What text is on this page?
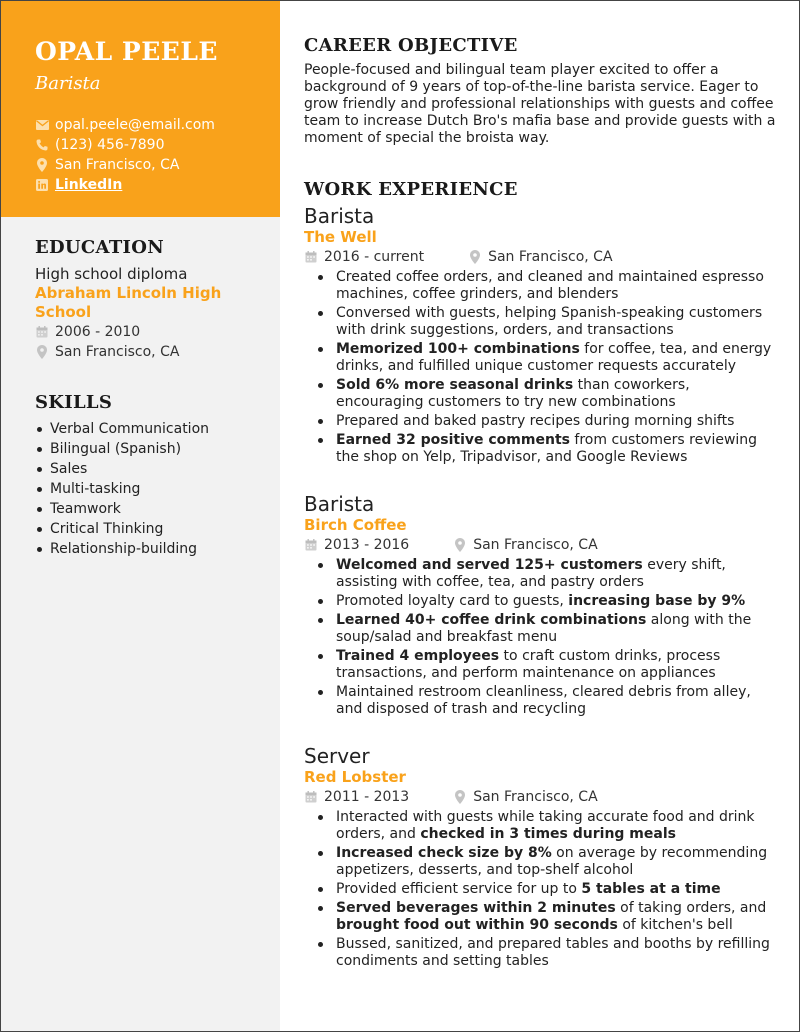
OPAL PEELE
Barista
opal.peele@email.com
(123) 456-7890
San Francisco, CA
LinkedIn
EDUCATION
High school diploma
Abraham Lincoln High School
2006 - 2010
San Francisco, CA
SKILLS
Verbal Communication
Bilingual (Spanish)
Sales
Multi-tasking
Teamwork
Critical Thinking
Relationship-building
CAREER OBJECTIVE

People-focused and bilingual team player excited to offer a background of 9 years of top-of-the-line barista service. Eager to grow friendly and professional relationships with guests and coffee team to increase Dutch Bro's mafia base and provide guests with a moment of special the broista way.

WORK EXPERIENCE
Barista
The Well
2016 - current	San Francisco, CA
Created coffee orders, and cleaned and maintained espresso machines, coffee grinders, and blenders
Conversed with guests, helping Spanish-speaking customers with drink suggestions, orders, and transactions
Memorized 100+ combinations for coffee, tea, and energy drinks, and fulfilled unique customer requests accurately
Sold 6% more seasonal drinks than coworkers, encouraging customers to try new combinations
Prepared and baked pastry recipes during morning shifts
Earned 32 positive comments from customers reviewing the shop on Yelp, Tripadvisor, and Google Reviews
Barista
Birch Coffee
2013 - 2016	San Francisco, CA
Welcomed and served 125+ customers every shift, assisting with coffee, tea, and pastry orders
Promoted loyalty card to guests, increasing base by 9%
Learned 40+ coffee drink combinations along with the soup/salad and breakfast menu
Trained 4 employees to craft custom drinks, process transactions, and perform maintenance on appliances
Maintained restroom cleanliness, cleared debris from alley, and disposed of trash and recycling
Server
Red Lobster
2011 - 2013	San Francisco, CA
Interacted with guests while taking accurate food and drink orders, and checked in 3 times during meals
Increased check size by 8% on average by recommending appetizers, desserts, and top-shelf alcohol
Provided efficient service for up to 5 tables at a time
Served beverages within 2 minutes of taking orders, and brought food out within 90 seconds of kitchen's bell
Bussed, sanitized, and prepared tables and booths by refilling condiments and setting tables
